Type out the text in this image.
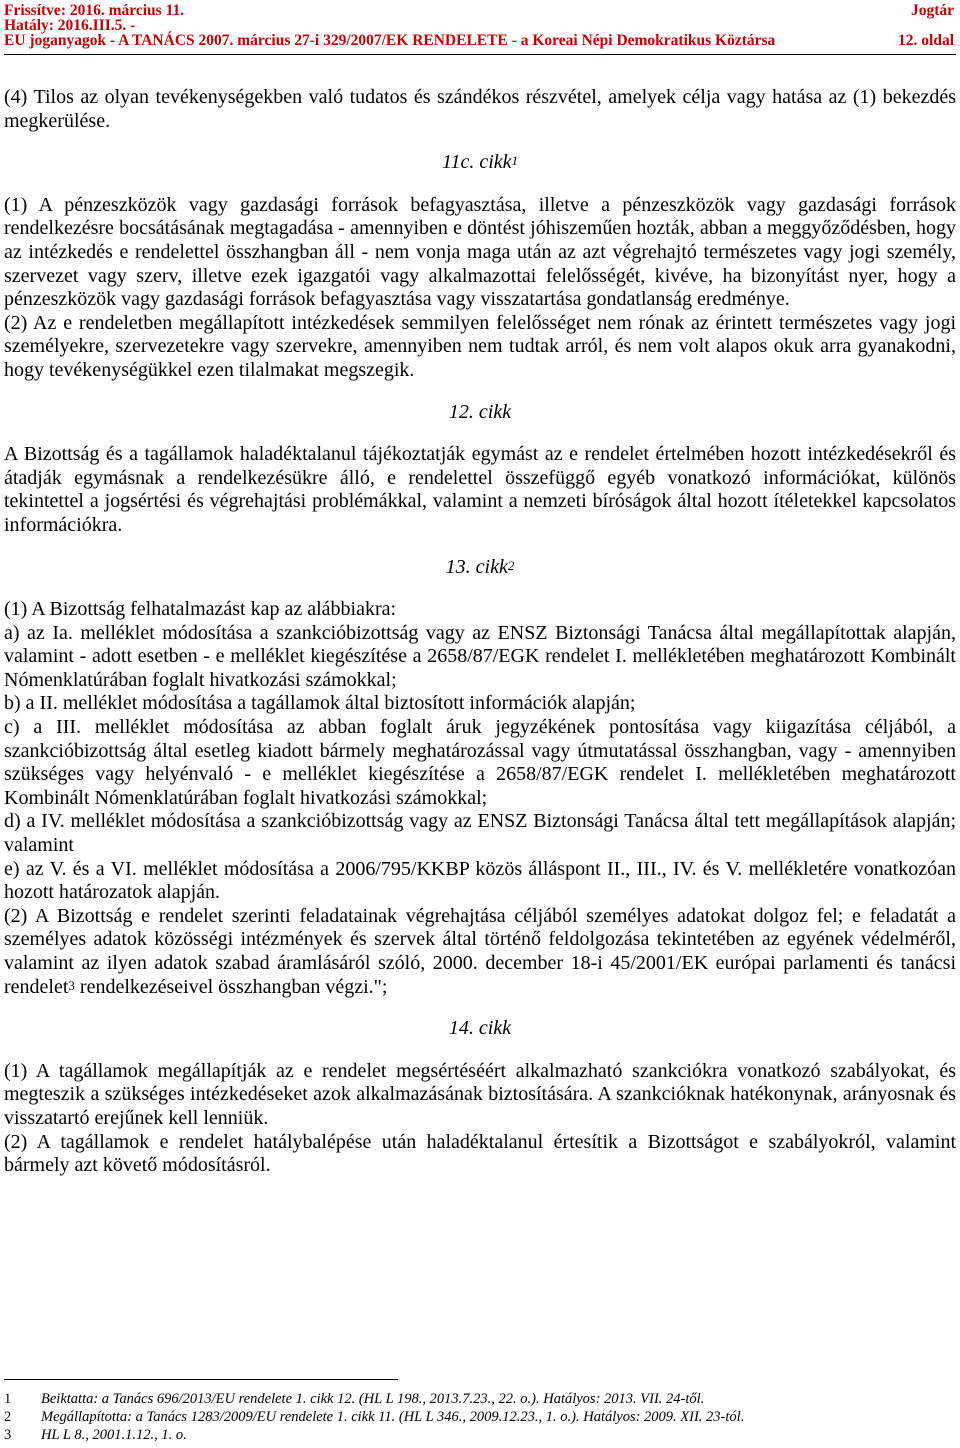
Frissítve: 2016. március 11.
Hatály: 2016.III.5. -
EU joganyagok - A TANÁCS 2007. március 27-i 329/2007/EK RENDELETE - a Koreai Népi Demokratikus Köztársa
Jogtár
12. oldal

(4) Tilos az olyan tevékenységekben való tudatos és szándékos részvétel, amelyek célja vagy hatása az (1) bekezdés megkerülése.

11c. cikk$^1$

(1) A pénzeszközök vagy gazdasági források befagyasztása, illetve a pénzeszközök vagy gazdasági források rendelkezésre bocsátásának megtagadása - amennyiben e döntést jóhiszeműen hozták, abban a meggyőződésben, hogy az intézkedés e rendelettel összhangban áll - nem vonja maga után az azt végrehajtó természetes vagy jogi személy, szervezet vagy szerv, illetve ezek igazgatói vagy alkalmazottai felelősségét, kivéve, ha bizonyítást nyer, hogy a pénzeszközök vagy gazdasági források befagyasztása vagy visszatartása gondatlanság eredménye.

(2) Az e rendeletben megállapított intézkedések semmilyen felelősséget nem rónak az érintett természetes vagy jogi személyekre, szervezetekre vagy szervekre, amennyiben nem tudtak arról, és nem volt alapos okuk arra gyanakodni, hogy tevékenységükkel ezen tilalmakat megszegik.

12. cikk

A Bizottság és a tagállamok haladéktalanul tájékoztatják egymást az e rendelet értelmében hozott intézkedésekről és átadják egymásnak a rendelkezésükre álló, e rendelettel összefüggő egyéb vonatkozó információkat, különös tekintettel a jogsértési és végrehajtási problémákkal, valamint a nemzeti bíróságok által hozott ítéletekkel kapcsolatos információkra.

13. cikk$^2$

(1) A Bizottság felhatalmazást kap az alábbiakra:

a) az Ia. melléklet módosítása a szankcióbizottság vagy az ENSZ Biztonsági Tanácsa által megállapítottak alapján, valamint - adott esetben - e melléklet kiegészítése a 2658/87/EGK rendelet I. mellékletében meghatározott Kombinált Nómenklatúrában foglalt hivatkozási számokkal;

b) a II. melléklet módosítása a tagállamok által biztosított információk alapján;

c) a III. melléklet módosítása az abban foglalt áruk jegyzékének pontosítása vagy kiigazítása céljából, a szankcióbizottság által esetleg kiadott bármely meghatározással vagy útmutatással összhangban, vagy - amennyiben szükséges vagy helyénvaló - e melléklet kiegészítése a 2658/87/EGK rendelet I. mellékletében meghatározott Kombinált Nómenklatúrában foglalt hivatkozási számokkal;

d) a IV. melléklet módosítása a szankcióbizottság vagy az ENSZ Biztonsági Tanácsa által tett megállapítások alapján; valamint

e) az V. és a VI. melléklet módosítása a 2006/795/KKBP közös álláspont II., III., IV. és V. mellékletére vonatkozóan hozott határozatok alapján.

(2) A Bizottság e rendelet szerinti feladatainak végrehajtása céljából személyes adatokat dolgoz fel; e feladatát a személyes adatok közösségi intézmények és szervek által történő feldolgozása tekintetében az egyének védelméről, valamint az ilyen adatok szabad áramlásáról szóló, 2000. december 18-i 45/2001/EK európai parlamenti és tanácsi rendelet$^3$ rendelkezéseivel összhangban végzi.";

14. cikk

(1) A tagállamok megállapítják az e rendelet megsértéséért alkalmazható szankciókra vonatkozó szabályokat, és megteszik a szükséges intézkedéseket azok alkalmazásának biztosítására. A szankcióknak hatékonynak, arányosnak és visszatartó erejűnek kell lenniük.

(2) A tagállamok e rendelet hatálybalépése után haladéktalanul értesítik a Bizottságot e szabályokról, valamint bármely azt követő módosításról.

1	Beiktatta: a Tanács 696/2013/EU rendelete 1. cikk 12. (HL L 198., 2013.7.23., 22. o.). Hatályos: 2013. VII. 24-től.
2	Megállapította: a Tanács 1283/2009/EU rendelete 1. cikk 11. (HL L 346., 2009.12.23., 1. o.). Hatályos: 2009. XII. 23-tól.
3	HL L 8., 2001.1.12., 1. o.
